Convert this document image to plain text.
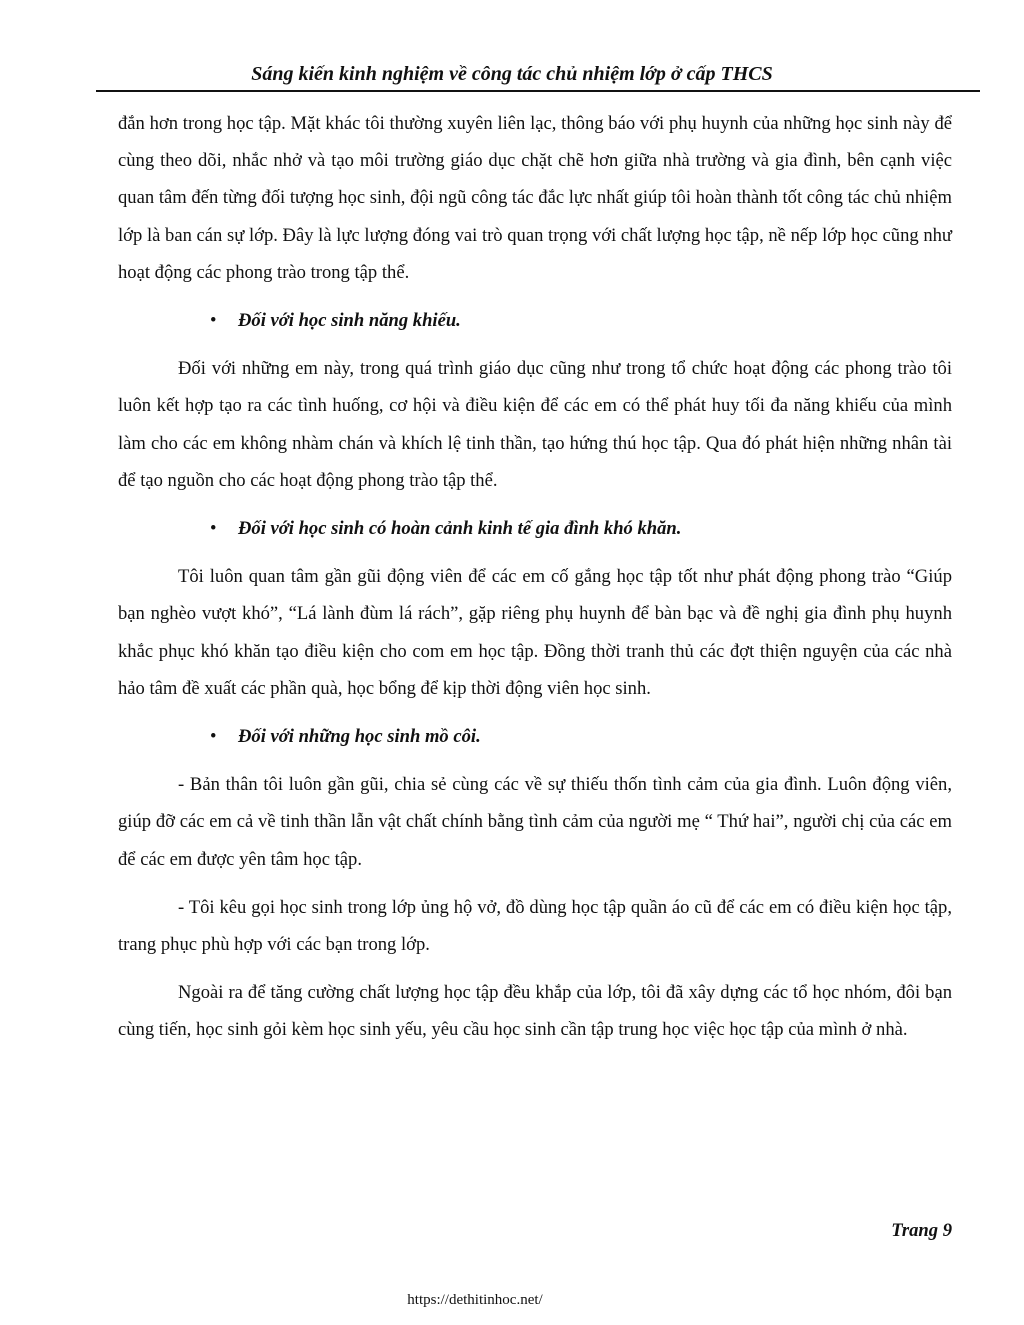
Sáng kiến kinh nghiệm về công tác chủ nhiệm lớp ở cấp THCS

đắn hơn trong học tập. Mặt khác tôi thường xuyên liên lạc, thông báo với phụ huynh của những học sinh này để cùng theo dõi, nhắc nhở và tạo môi trường giáo dục chặt chẽ hơn giữa nhà trường và gia đình, bên cạnh việc quan tâm đến từng đối tượng học sinh, đội ngũ công tác đắc lực nhất giúp tôi hoàn thành tốt công tác chủ nhiệm lớp là ban cán sự lớp. Đây là lực lượng đóng vai trò quan trọng với chất lượng học tập, nề nếp lớp học cũng như hoạt động các phong trào trong tập thể.

• Đối với học sinh năng khiếu.

Đối với những em này, trong quá trình giáo dục cũng như trong tổ chức hoạt động các phong trào tôi luôn kết hợp tạo ra các tình huống, cơ hội và điều kiện để các em có thể phát huy tối đa năng khiếu của mình làm cho các em không nhàm chán và khích lệ tinh thần, tạo hứng thú học tập. Qua đó phát hiện những nhân tài để tạo nguồn cho các hoạt động phong trào tập thể.

• Đối với học sinh có hoàn cảnh kinh tế gia đình khó khăn.

Tôi luôn quan tâm gần gũi động viên để các em cố gắng học tập tốt như phát động phong trào “Giúp bạn nghèo vượt khó”, “Lá lành đùm lá rách”, gặp riêng phụ huynh để bàn bạc và đề nghị gia đình phụ huynh khắc phục khó khăn tạo điều kiện cho com em học tập. Đồng thời tranh thủ các đợt thiện nguyện của các nhà hảo tâm đề xuất các phần quà, học bổng để kịp thời động viên học sinh.

• Đối với những học sinh mồ côi.

- Bản thân tôi luôn gần gũi, chia sẻ cùng các về sự thiếu thốn tình cảm của gia đình. Luôn động viên, giúp đỡ các em cả về tinh thần lẫn vật chất chính bằng tình cảm của người mẹ “ Thứ hai”, người chị của các em để các em được yên tâm học tập.

- Tôi kêu gọi học sinh trong lớp ủng hộ vở, đồ dùng học tập quần áo cũ để các em có điều kiện học tập, trang phục phù hợp với các bạn trong lớp.

Ngoài ra để tăng cường chất lượng học tập đều khắp của lớp, tôi đã xây dựng các tổ học nhóm, đôi bạn cùng tiến, học sinh gỏi kèm học sinh yếu, yêu cầu học sinh cần tập trung học việc học tập của mình ở nhà.

Trang 9
https://dethitinhoc.net/
